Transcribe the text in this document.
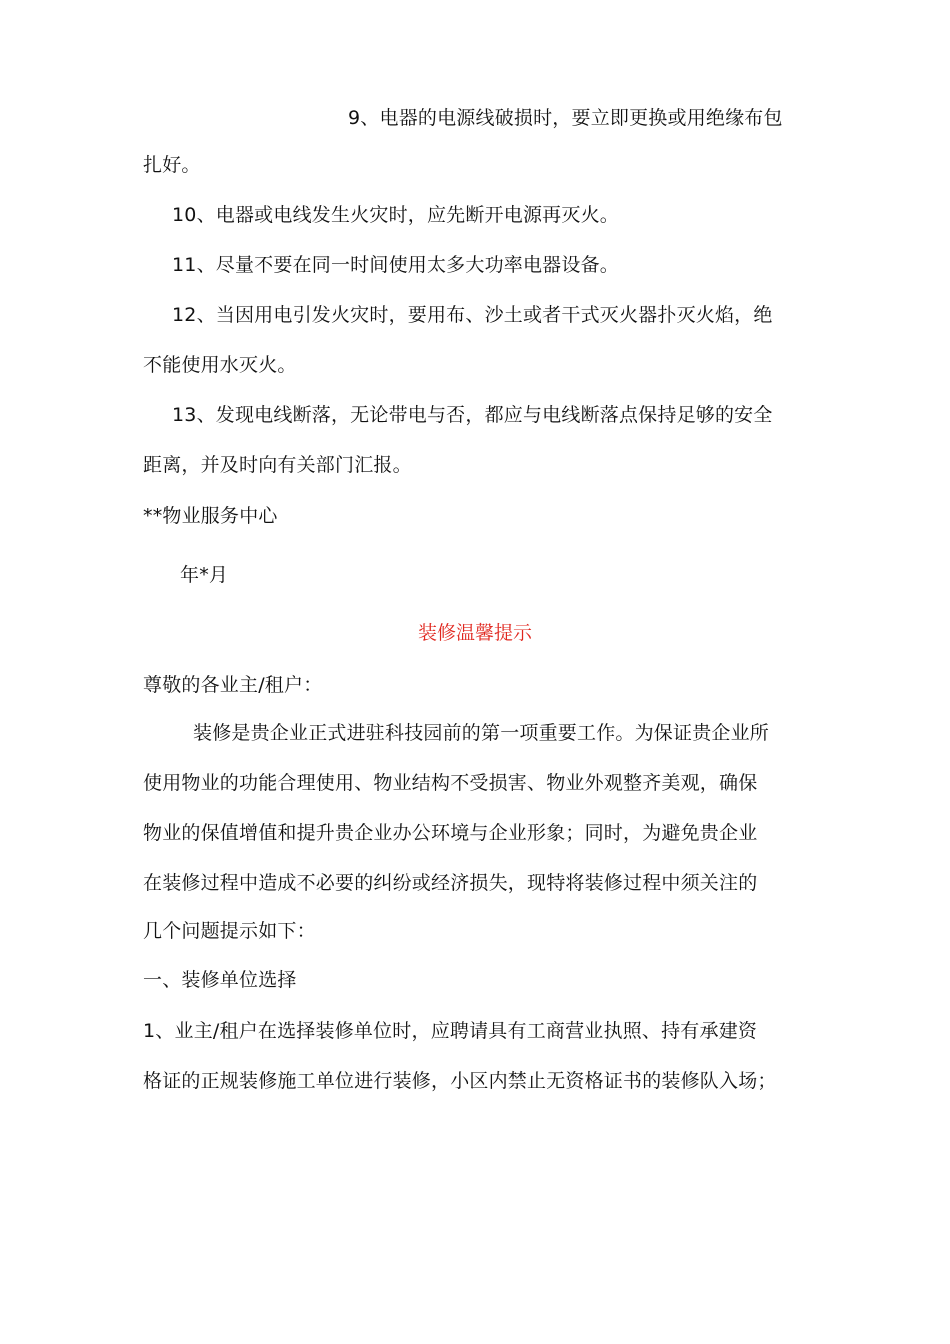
9、电器的电源线破损时，要立即更换或用绝缘布包
扎好。
10、电器或电线发生火灾时，应先断开电源再灭火。
11、尽量不要在同一时间使用太多大功率电器设备。
12、当因用电引发火灾时，要用布、沙土或者干式灭火器扑灭火焰，绝
不能使用水灭火。
13、发现电线断落，无论带电与否，都应与电线断落点保持足够的安全
距离，并及时向有关部门汇报。
**物业服务中心
年*月
装修温馨提示
尊敬的各业主/租户：
装修是贵企业正式进驻科技园前的第一项重要工作。为保证贵企业所
使用物业的功能合理使用、物业结构不受损害、物业外观整齐美观，确保
物业的保值增值和提升贵企业办公环境与企业形象；同时，为避免贵企业
在装修过程中造成不必要的纠纷或经济损失，现特将装修过程中须关注的
几个问题提示如下：
一、装修单位选择
1、业主/租户在选择装修单位时，应聘请具有工商营业执照、持有承建资
格证的正规装修施工单位进行装修，小区内禁止无资格证书的装修队入场；
